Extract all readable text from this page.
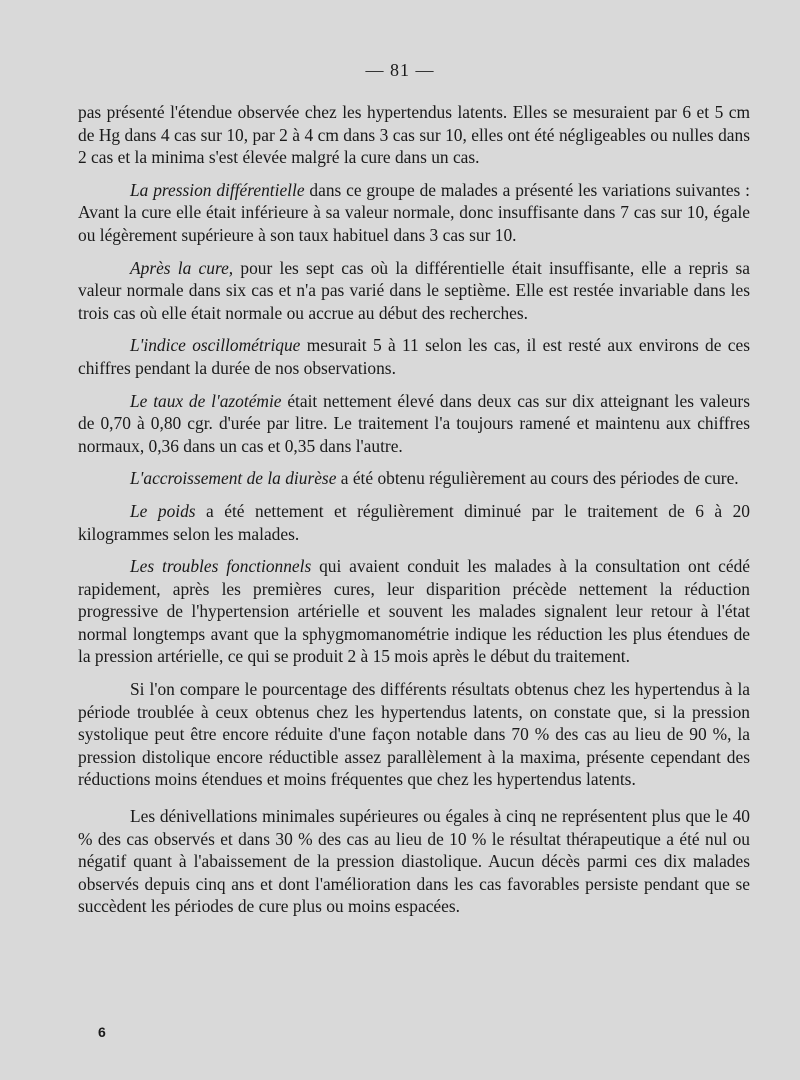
— 81 —

pas présenté l'étendue observée chez les hypertendus latents. Elles se mesuraient par 6 et 5 cm de Hg dans 4 cas sur 10, par 2 à 4 cm dans 3 cas sur 10, elles ont été négligeables ou nulles dans 2 cas et la minima s'est élevée malgré la cure dans un cas.

La pression différentielle dans ce groupe de malades a présenté les variations suivantes : Avant la cure elle était inférieure à sa valeur normale, donc insuffisante dans 7 cas sur 10, égale ou légèrement supérieure à son taux habituel dans 3 cas sur 10.

Après la cure, pour les sept cas où la différentielle était insuffisante, elle a repris sa valeur normale dans six cas et n'a pas varié dans le septième. Elle est restée invariable dans les trois cas où elle était normale ou accrue au début des recherches.

L'indice oscillométrique mesurait 5 à 11 selon les cas, il est resté aux environs de ces chiffres pendant la durée de nos observations.

Le taux de l'azotémie était nettement élevé dans deux cas sur dix atteignant les valeurs de 0,70 à 0,80 cgr. d'urée par litre. Le traitement l'a toujours ramené et maintenu aux chiffres normaux, 0,36 dans un cas et 0,35 dans l'autre.

L'accroissement de la diurèse a été obtenu régulièrement au cours des périodes de cure.

Le poids a été nettement et régulièrement diminué par le traitement de 6 à 20 kilogrammes selon les malades.

Les troubles fonctionnels qui avaient conduit les malades à la consultation ont cédé rapidement, après les premières cures, leur disparition précède nettement la réduction progressive de l'hypertension artérielle et souvent les malades signalent leur retour à l'état normal longtemps avant que la sphygmomanométrie indique les réduction les plus étendues de la pression artérielle, ce qui se produit 2 à 15 mois après le début du traitement.

Si l'on compare le pourcentage des différents résultats obtenus chez les hypertendus à la période troublée à ceux obtenus chez les hypertendus latents, on constate que, si la pression systolique peut être encore réduite d'une façon notable dans 70 % des cas au lieu de 90 %, la pression distolique encore réductible assez parallèlement à la maxima, présente cependant des réductions moins étendues et moins fréquentes que chez les hypertendus latents.

Les dénivellations minimales supérieures ou égales à cinq ne représentent plus que le 40 % des cas observés et dans 30 % des cas au lieu de 10 % le résultat thérapeutique a été nul ou négatif quant à l'abaissement de la pression diastolique. Aucun décès parmi ces dix malades observés depuis cinq ans et dont l'amélioration dans les cas favorables persiste pendant que se succèdent les périodes de cure plus ou moins espacées.

6
